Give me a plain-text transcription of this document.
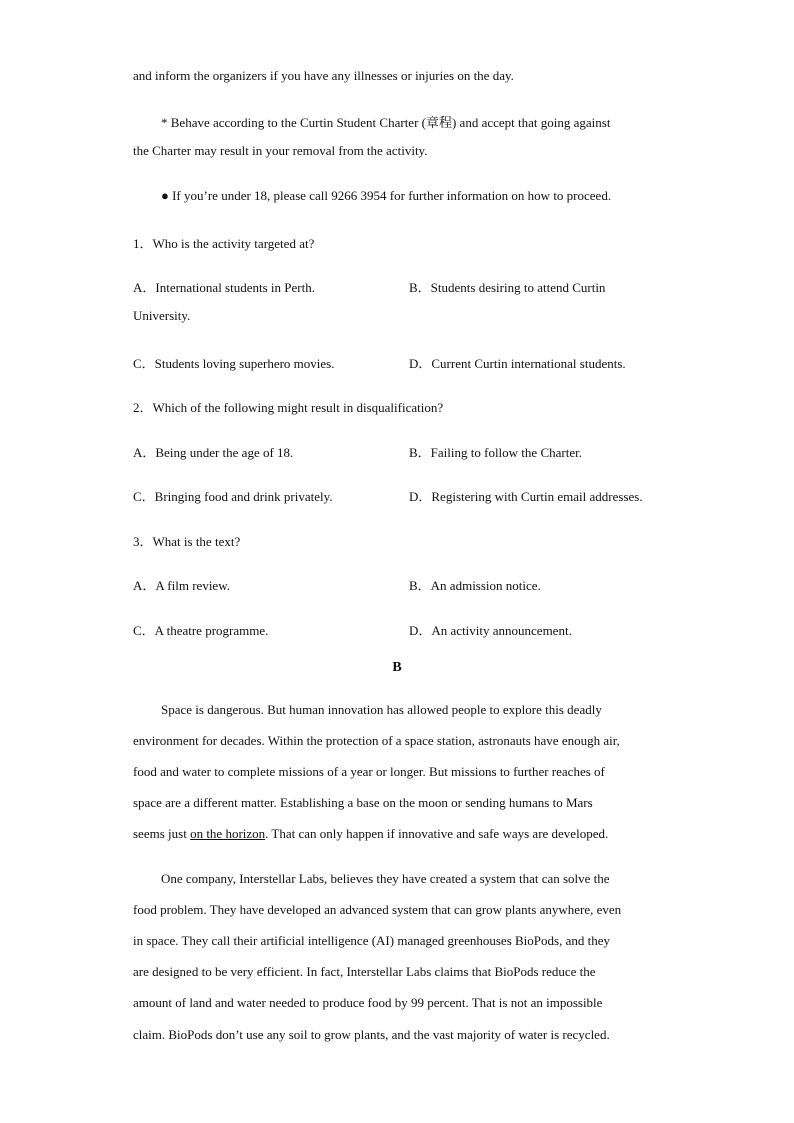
and inform the organizers if you have any illnesses or injuries on the day.
* Behave according to the Curtin Student Charter (章程) and accept that going against
the Charter may result in your removal from the activity.
● If you’re under 18, please call 9266 3954 for further information on how to proceed.
1．Who is the activity targeted at?
A．International students in Perth.	B．Students desiring to attend Curtin
University.
C．Students loving superhero movies.	D．Current Curtin international students.
2．Which of the following might result in disqualification?
A．Being under the age of 18.	B．Failing to follow the Charter.
C．Bringing food and drink privately.	D．Registering with Curtin email addresses.
3．What is the text?
A．A film review.	B．An admission notice.
C．A theatre programme.	D．An activity announcement.
B
Space is dangerous. But human innovation has allowed people to explore this deadly
environment for decades. Within the protection of a space station, astronauts have enough air,
food and water to complete missions of a year or longer. But missions to further reaches of
space are a different matter. Establishing a base on the moon or sending humans to Mars
seems just on the horizon. That can only happen if innovative and safe ways are developed.
One company, Interstellar Labs, believes they have created a system that can solve the
food problem. They have developed an advanced system that can grow plants anywhere, even
in space. They call their artificial intelligence (AI) managed greenhouses BioPods, and they
are designed to be very efficient. In fact, Interstellar Labs claims that BioPods reduce the
amount of land and water needed to produce food by 99 percent. That is not an impossible
claim. BioPods don’t use any soil to grow plants, and the vast majority of water is recycled.
